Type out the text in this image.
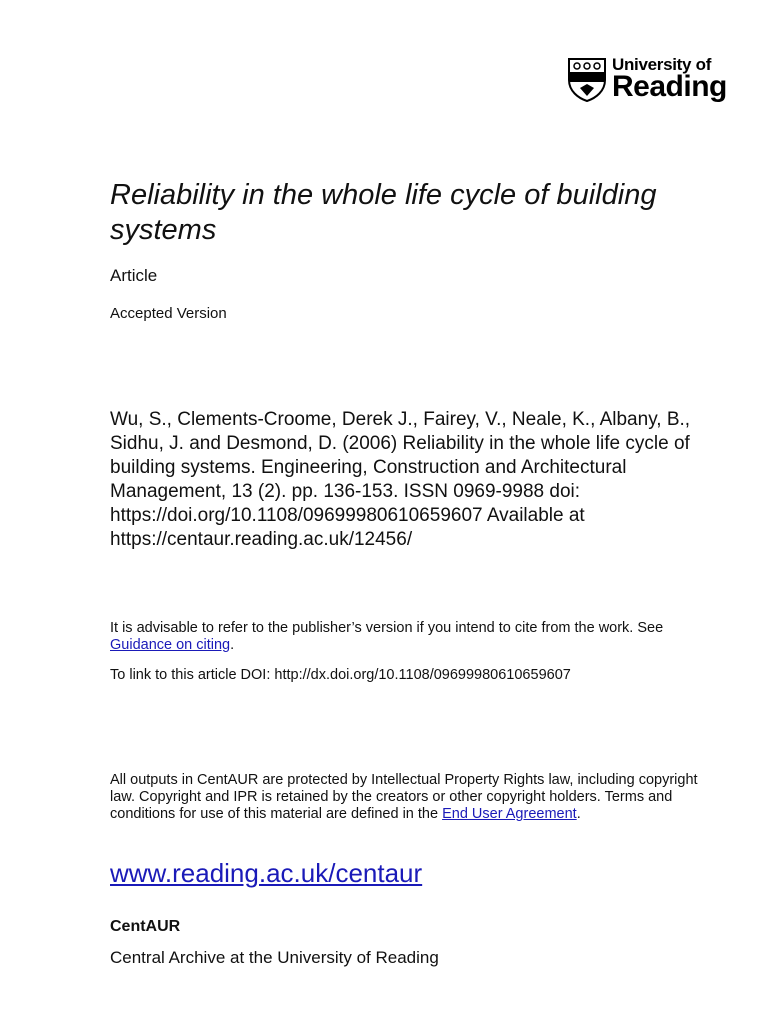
University of
Reading
Reliability in the whole life cycle of building systems

Article

Accepted Version

Wu, S., Clements-Croome, Derek J., Fairey, V., Neale, K., Albany, B., Sidhu, J. and Desmond, D. (2006) Reliability in the whole life cycle of building systems. Engineering, Construction and Architectural Management, 13 (2). pp. 136-153. ISSN 0969-9988 doi: https://doi.org/10.1108/09699980610659607 Available at https://centaur.reading.ac.uk/12456/

It is advisable to refer to the publisher’s version if you intend to cite from the work. See Guidance on citing.

To link to this article DOI: http://dx.doi.org/10.1108/09699980610659607

All outputs in CentAUR are protected by Intellectual Property Rights law, including copyright law. Copyright and IPR is retained by the creators or other copyright holders. Terms and conditions for use of this material are defined in the End User Agreement.

www.reading.ac.uk/centaur

CentAUR

Central Archive at the University of Reading
